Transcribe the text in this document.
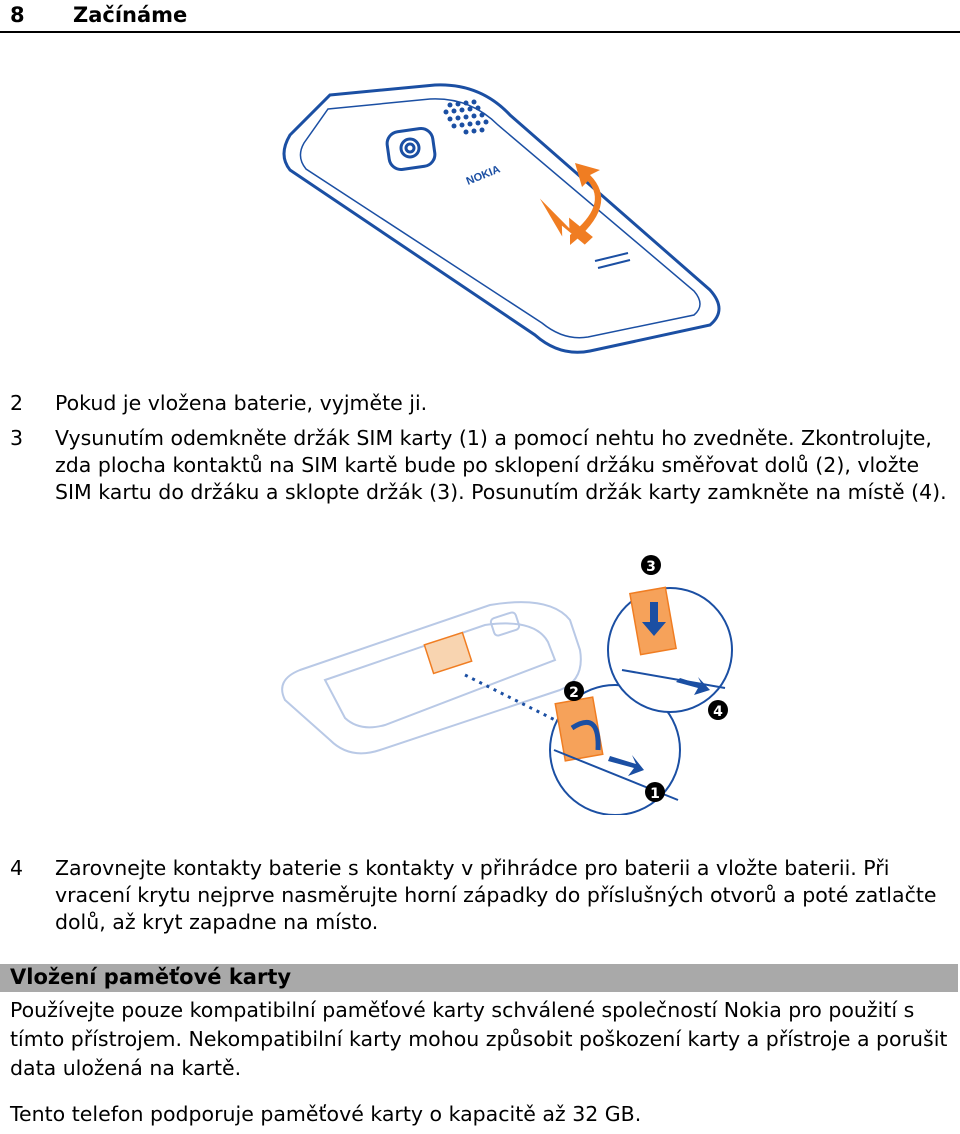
8 Začínáme
NOKIA
2 Pokud je vložena baterie, vyjměte ji.
3 Vysunutím odemkněte držák SIM karty (1) a pomocí nehtu ho zvedněte. Zkontrolujte, zda plocha kontaktů na SIM kartě bude po sklopení držáku směřovat dolů (2), vložte SIM kartu do držáku a sklopte držák (3). Posunutím držák karty zamkněte na místě (4).
1
2
3
4
4 Zarovnejte kontakty baterie s kontakty v přihrádce pro baterii a vložte baterii. Při vracení krytu nejprve nasměrujte horní západky do příslušných otvorů a poté zatlačte dolů, až kryt zapadne na místo.
Vložení paměťové karty
Používejte pouze kompatibilní paměťové karty schválené společností Nokia pro použití s tímto přístrojem. Nekompatibilní karty mohou způsobit poškození karty a přístroje a porušit data uložená na kartě.
Tento telefon podporuje paměťové karty o kapacitě až 32 GB.
